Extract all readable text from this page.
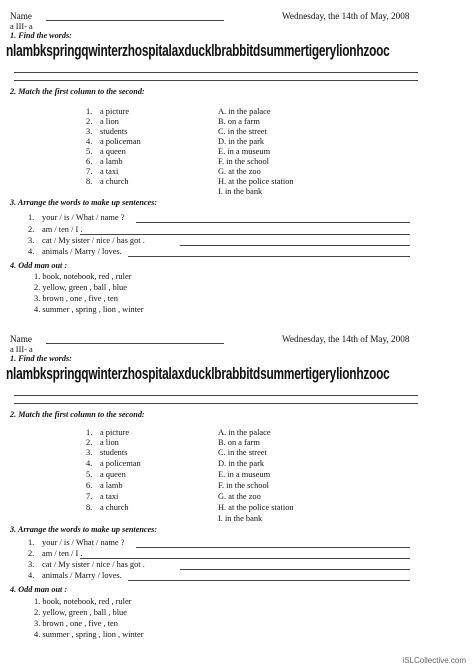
Name	Wednesday, the 14th of May, 2008
a III- a
1. Find the words:
nlambkspringqwinterzhospitalaxducklbrabbitdsummertigerylionhzooc
2. Match the first column to the second:
1. a picture
2. a lion
3. students
4. a policeman
5. a queen
6. a lamb
7. a taxi
8. a church
A. in the palace
B. on a farm
C. in the street
D. in the park
E. in a museum
F. in the school
G. at the zoo
H. at the police station
I. in the bank
3. Arrange the words to make up sentences:
1. your / is / What / name ?
2. am / ten / I .
3. cat / My sister / nice / has got .
4. animals / Marry / loves.
4. Odd man out :
1. book, notebook, red , ruler
2. yellow, green , ball , blue
3. brown , one , five , ten
4. summer , spring , lion , winter
Name	Wednesday, the 14th of May, 2008
a III- a
1. Find the words:
nlambkspringqwinterzhospitalaxducklbrabbitdsummertigerylionhzooc
2. Match the first column to the second:
1. a picture
2. a lion
3. students
4. a policeman
5. a queen
6. a lamb
7. a taxi
8. a church
A. in the palace
B. on a farm
C. in the street
D. in the park
E. in a museum
F. in the school
G. at the zoo
H. at the police station
I. in the bank
3. Arrange the words to make up sentences:
1. your / is / What / name ?
2. am / ten / I .
3. cat / My sister / nice / has got .
4. animals / Marry / loves.
4. Odd man out :
1. book, notebook, red , ruler
2. yellow, green , ball , blue
3. brown , one , five , ten
4. summer , spring , lion , winter
iSLCollective.com
